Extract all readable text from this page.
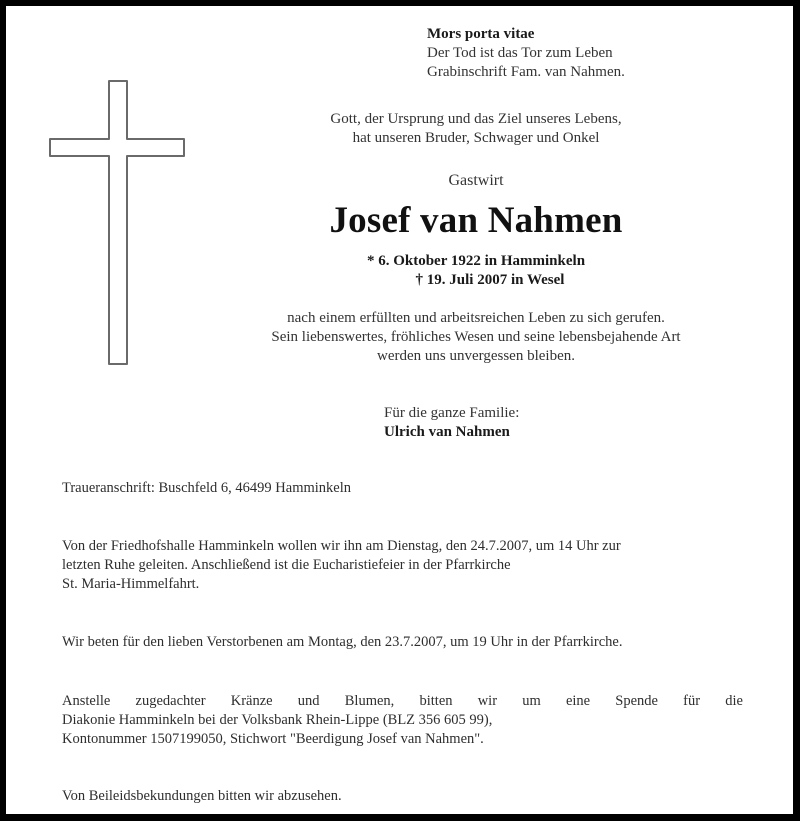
Mors porta vitae
Der Tod ist das Tor zum Leben
Grabinschrift Fam. van Nahmen.
Gott, der Ursprung und das Ziel unseres Lebens,
hat unseren Bruder, Schwager und Onkel
Gastwirt
Josef van Nahmen
* 6. Oktober 1922 in Hamminkeln
† 19. Juli 2007 in Wesel
nach einem erfüllten und arbeitsreichen Leben zu sich gerufen.
Sein liebenswertes, fröhliches Wesen und seine lebensbejahende Art
werden uns unvergessen bleiben.
Für die ganze Familie:
Ulrich van Nahmen
Traueranschrift: Buschfeld 6, 46499 Hamminkeln
Von der Friedhofshalle Hamminkeln wollen wir ihn am Dienstag, den 24.7.2007, um 14 Uhr zur
letzten Ruhe geleiten. Anschließend ist die Eucharistiefeier in der Pfarrkirche
St. Maria-Himmelfahrt.
Wir beten für den lieben Verstorbenen am Montag, den 23.7.2007, um 19 Uhr in der Pfarrkirche.
Anstelle zugedachter Kränze und Blumen, bitten wir um eine Spende für die
Diakonie Hamminkeln bei der Volksbank Rhein-Lippe (BLZ 356 605 99),
Kontonummer 1507199050, Stichwort "Beerdigung Josef van Nahmen".
Von Beileidsbekundungen bitten wir abzusehen.
